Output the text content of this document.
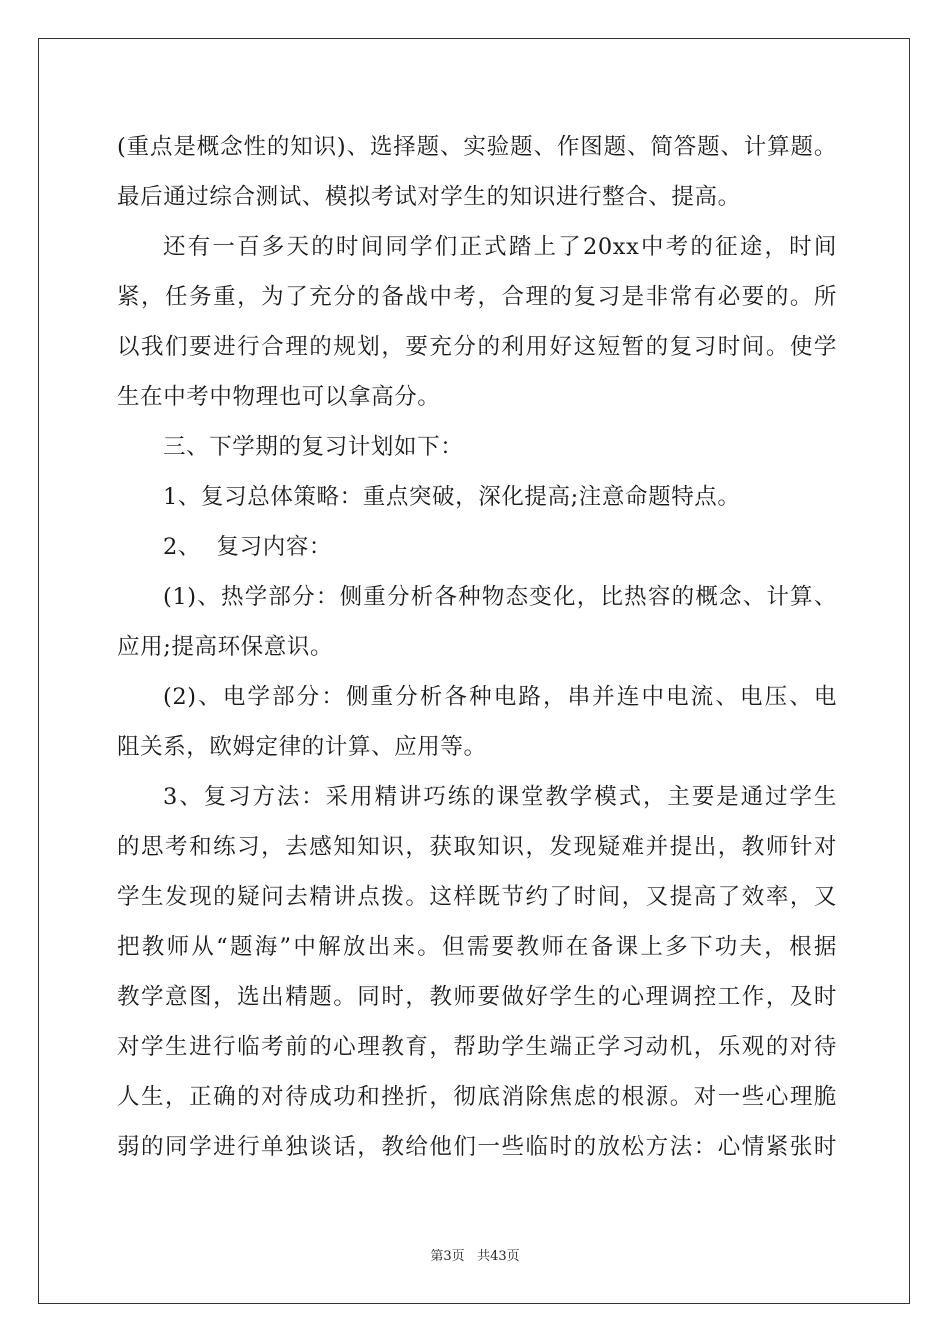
(重点是概念性的知识)、选择题、实验题、作图题、简答题、计算题。
最后通过综合测试、模拟考试对学生的知识进行整合、提高。
还有一百多天的时间同学们正式踏上了20xx中考的征途，时间
紧，任务重，为了充分的备战中考，合理的复习是非常有必要的。所
以我们要进行合理的规划，要充分的利用好这短暂的复习时间。使学
生在中考中物理也可以拿高分。
三、下学期的复习计划如下：
1、复习总体策略：重点突破，深化提高;注意命题特点。
2、  复习内容：
(1)、热学部分：侧重分析各种物态变化，比热容的概念、计算、
应用;提高环保意识。
(2)、电学部分：侧重分析各种电路，串并连中电流、电压、电
阻关系，欧姆定律的计算、应用等。
3、复习方法：采用精讲巧练的课堂教学模式，主要是通过学生
的思考和练习，去感知知识，获取知识，发现疑难并提出，教师针对
学生发现的疑问去精讲点拨。这样既节约了时间，又提高了效率，又
把教师从“题海”中解放出来。但需要教师在备课上多下功夫，根据
教学意图，选出精题。同时，教师要做好学生的心理调控工作，及时
对学生进行临考前的心理教育，帮助学生端正学习动机，乐观的对待
人生，正确的对待成功和挫折，彻底消除焦虑的根源。对一些心理脆
弱的同学进行单独谈话，教给他们一些临时的放松方法：心情紧张时
第3页 共43页
